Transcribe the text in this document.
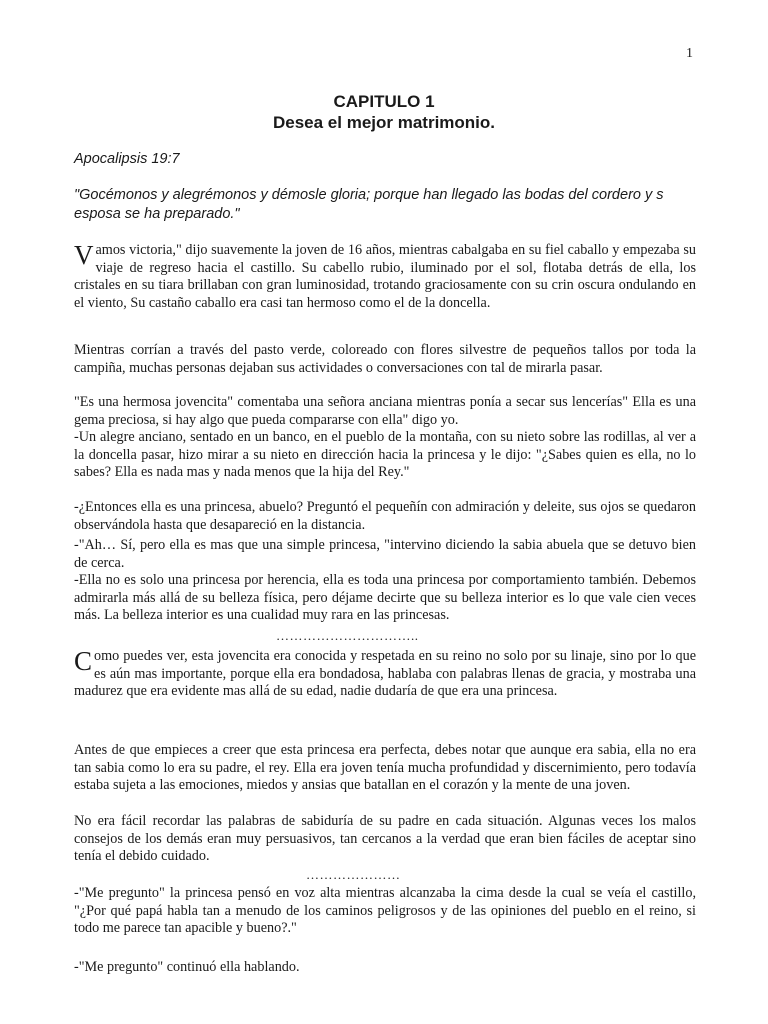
1
CAPITULO 1
Desea el mejor matrimonio.
Apocalipsis 19:7
"Gocémonos y alegrémonos y démosle gloria; porque han llegado las bodas del cordero y s esposa se ha preparado."

Vamos victoria," dijo suavemente la joven de 16 años, mientras cabalgaba en su fiel caballo y empezaba su viaje de regreso hacia el castillo. Su cabello rubio, iluminado por el sol, flotaba detrás de ella, los cristales en su tiara brillaban con gran luminosidad, trotando graciosamente con su crin oscura ondulando en el viento, Su castaño caballo era casi tan hermoso como el de la doncella.

Mientras corrían a través del pasto verde, coloreado con flores silvestre de pequeños tallos por toda la campiña, muchas personas dejaban sus actividades o conversaciones con tal de mirarla pasar.

"Es una hermosa jovencita" comentaba una señora anciana mientras ponía a secar sus lencerías" Ella es una gema preciosa, si hay algo que pueda compararse con ella" digo yo.

-Un alegre anciano, sentado en un banco, en el pueblo de la montaña, con su nieto sobre las rodillas, al ver a la doncella pasar, hizo mirar a su nieto en dirección hacia la princesa y le dijo: "¿Sabes quien es ella, no lo sabes? Ella es nada mas y nada menos que la hija del Rey."

-¿Entonces ella es una princesa, abuelo? Preguntó el pequeñín con admiración y deleite, sus ojos se quedaron observándola hasta que desapareció en la distancia.

-"Ah… Sí, pero ella es mas que una simple princesa, "intervino diciendo la sabia abuela que se detuvo bien de cerca.

-Ella no es solo una princesa por herencia, ella es toda una princesa por comportamiento también. Debemos admirarla más allá de su belleza física, pero déjame decirte que su belleza interior es lo que vale cien veces más. La belleza interior es una cualidad muy rara en las princesas.

…………………………..

Como puedes ver, esta jovencita era conocida y respetada en su reino no solo por su linaje, sino por lo que es aún mas importante, porque ella era bondadosa, hablaba con palabras llenas de gracia, y mostraba una madurez que era evidente mas allá de su edad, nadie dudaría de que era una princesa.

Antes de que empieces a creer que esta princesa era perfecta, debes notar que aunque era sabia, ella no era tan sabia como lo era su padre, el rey. Ella era joven tenía mucha profundidad y discernimiento, pero todavía estaba sujeta a las emociones, miedos y ansias que batallan en el corazón y la mente de una joven.

No era fácil recordar las palabras de sabiduría de su padre en cada situación. Algunas veces los malos consejos de los demás eran muy persuasivos, tan cercanos a la verdad que eran bien fáciles de aceptar sino tenía el debido cuidado.

…………………

-"Me pregunto" la princesa pensó en voz alta mientras alcanzaba la cima desde la cual se veía el castillo, "¿Por qué papá habla tan a menudo de los caminos peligrosos y de las opiniones del pueblo en el reino, si todo me parece tan apacible y bueno?."

-"Me pregunto" continuó ella hablando.
